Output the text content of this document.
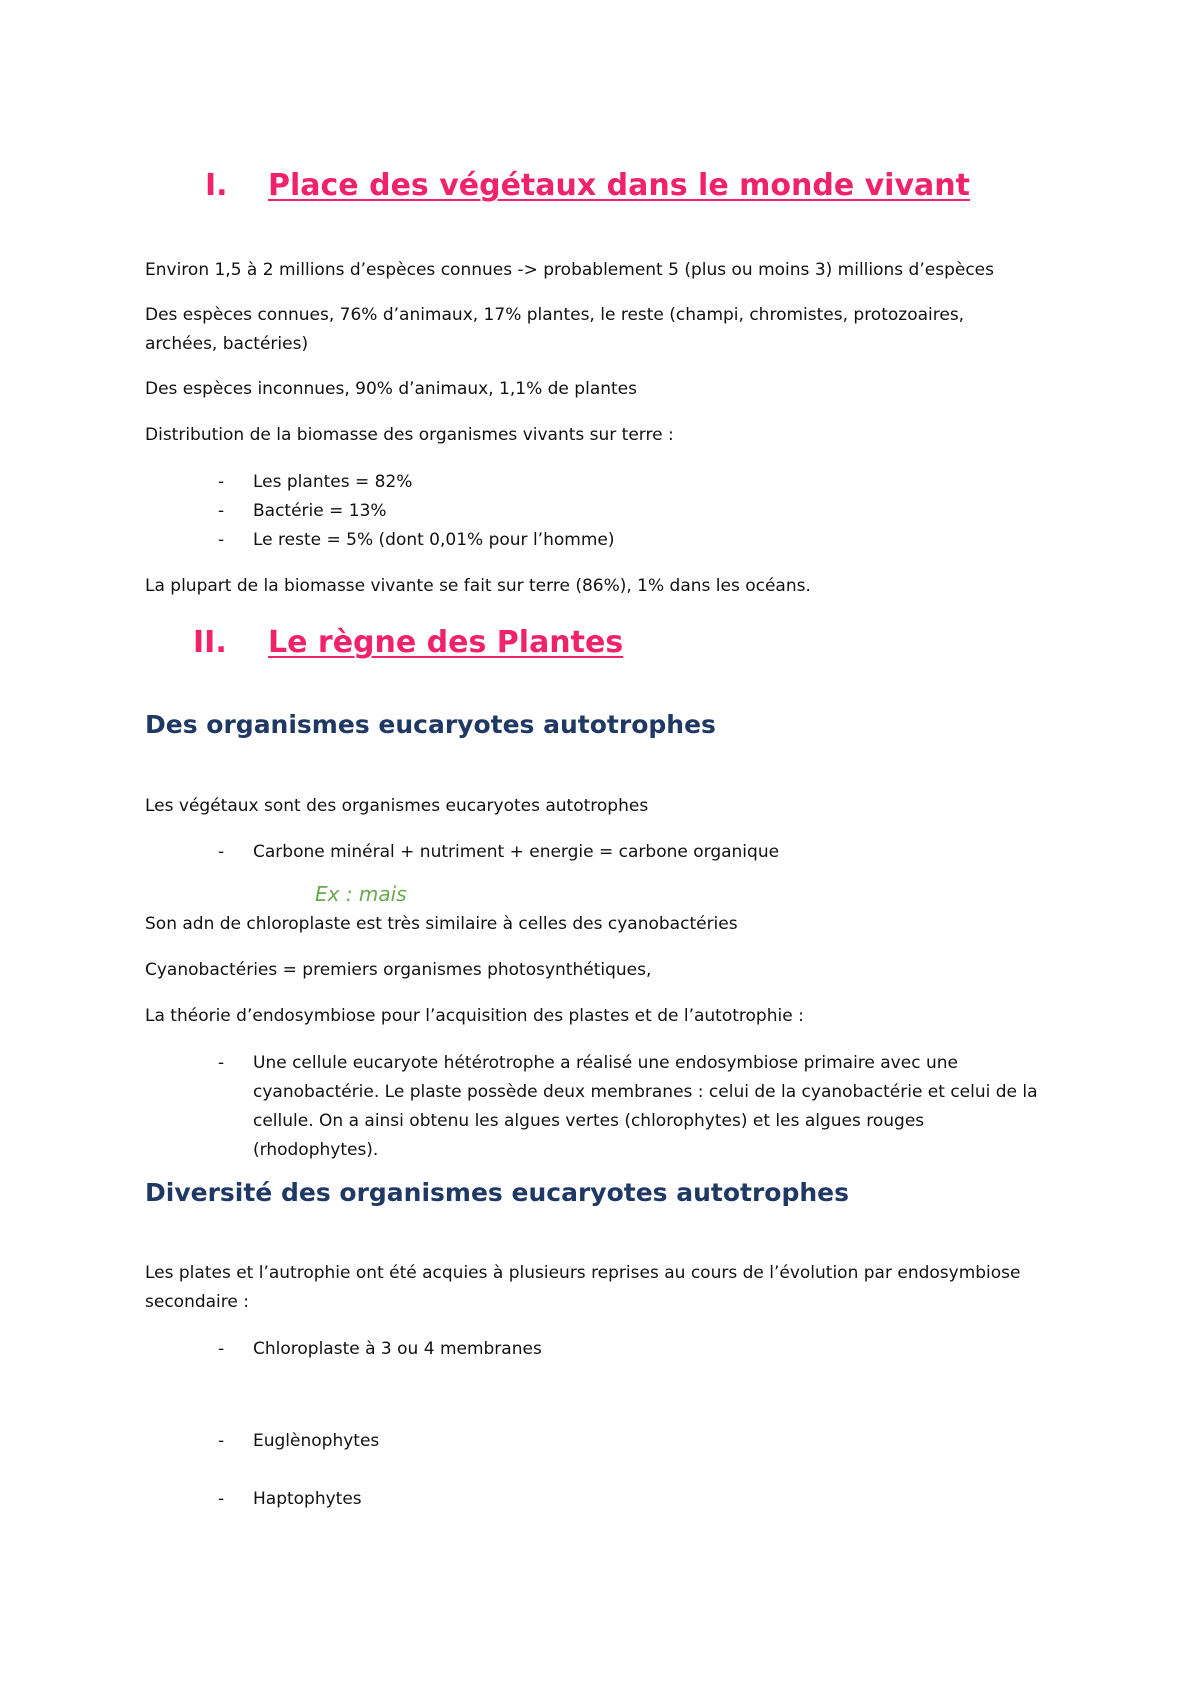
I. Place des végétaux dans le monde vivant

Environ 1,5 à 2 millions d’espèces connues -> probablement 5 (plus ou moins 3) millions d’espèces

Des espèces connues, 76% d’animaux, 17% plantes, le reste (champi, chromistes, protozoaires, archées, bactéries)

Des espèces inconnues, 90% d’animaux, 1,1% de plantes

Distribution de la biomasse des organismes vivants sur terre :

- Les plantes = 82%
- Bactérie = 13%
- Le reste = 5% (dont 0,01% pour l’homme)

La plupart de la biomasse vivante se fait sur terre (86%), 1% dans les océans.

II. Le règne des Plantes
Des organismes eucaryotes autotrophes

Les végétaux sont des organismes eucaryotes autotrophes

- Carbone minéral + nutriment + energie = carbone organique
Ex : mais

Son adn de chloroplaste est très similaire à celles des cyanobactéries

Cyanobactéries = premiers organismes photosynthétiques,

La théorie d’endosymbiose pour l’acquisition des plastes et de l’autotrophie :

- Une cellule eucaryote hétérotrophe a réalisé une endosymbiose primaire avec une cyanobactérie. Le plaste possède deux membranes : celui de la cyanobactérie et celui de la cellule. On a ainsi obtenu les algues vertes (chlorophytes) et les algues rouges (rhodophytes).
Diversité des organismes eucaryotes autotrophes

Les plates et l’autrophie ont été acquies à plusieurs reprises au cours de l’évolution par endosymbiose secondaire :

- Chloroplaste à 3 ou 4 membranes
- Euglènophytes
- Haptophytes
